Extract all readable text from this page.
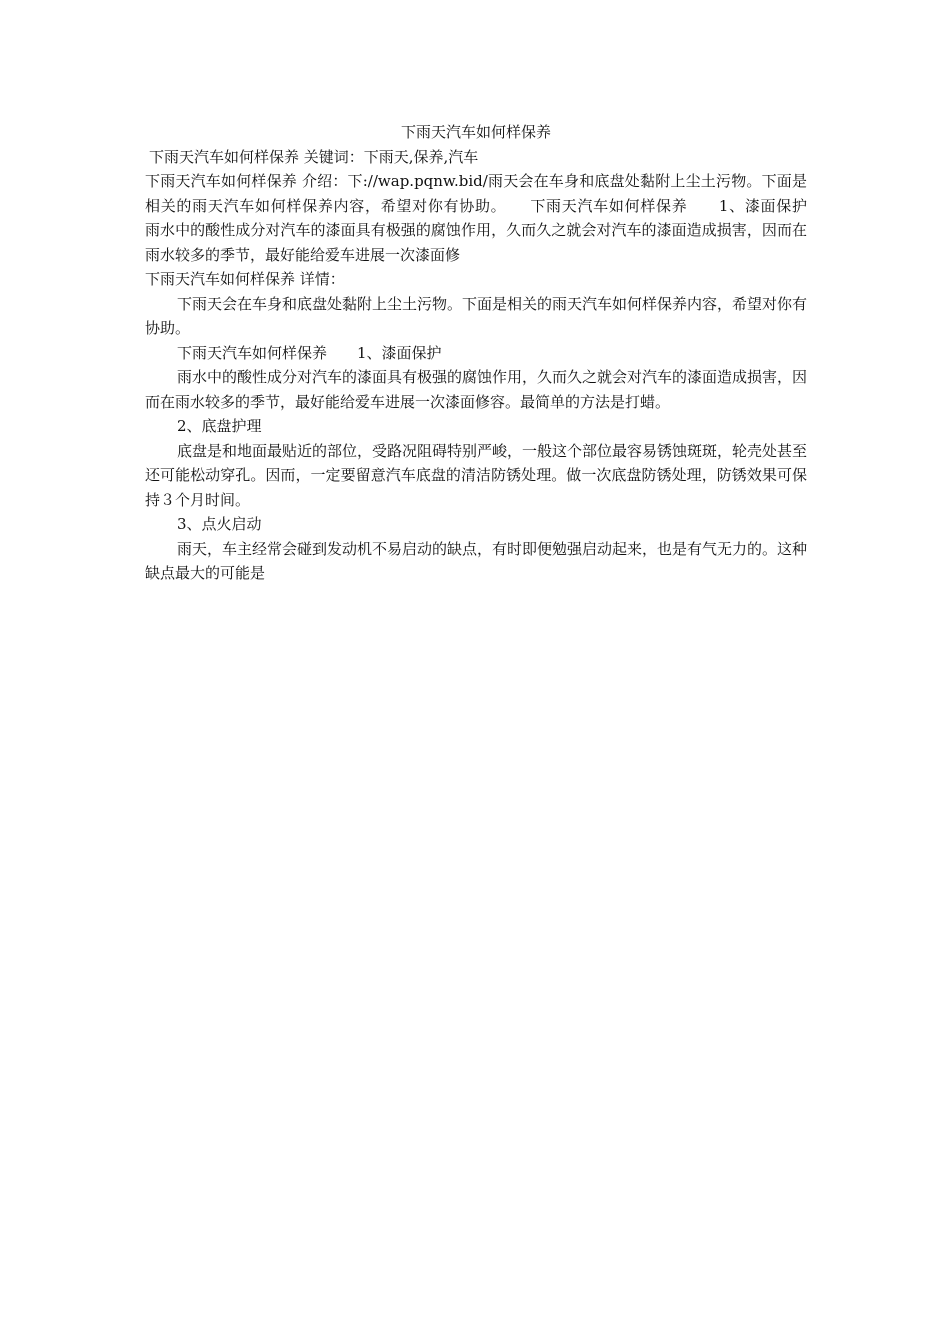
下雨天汽车如何样保养
下雨天汽车如何样保养 关键词：下雨天,保养,汽车
下雨天汽车如何样保养 介绍：下://wap.pqnw.bid/雨天会在车身和底盘处黏附上尘土污物。下面是相关的雨天汽车如何样保养内容，希望对你有协助。　　下雨天汽车如何样保养　　1、漆面保护　　雨水中的酸性成分对汽车的漆面具有极强的腐蚀作用，久而久之就会对汽车的漆面造成损害，因而在雨水较多的季节，最好能给爱车进展一次漆面修
下雨天汽车如何样保养 详情：
下雨天会在车身和底盘处黏附上尘土污物。下面是相关的雨天汽车如何样保养内容，希望对你有协助。
下雨天汽车如何样保养　　1、漆面保护
雨水中的酸性成分对汽车的漆面具有极强的腐蚀作用，久而久之就会对汽车的漆面造成损害，因而在雨水较多的季节，最好能给爱车进展一次漆面修容。最简单的方法是打蜡。
2、底盘护理
底盘是和地面最贴近的部位，受路况阻碍特别严峻，一般这个部位最容易锈蚀斑斑，轮壳处甚至还可能松动穿孔。因而，一定要留意汽车底盘的清洁防锈处理。做一次底盘防锈处理，防锈效果可保持３个月时间。
3、点火启动
雨天，车主经常会碰到发动机不易启动的缺点，有时即便勉强启动起来，也是有气无力的。这种缺点最大的可能是
